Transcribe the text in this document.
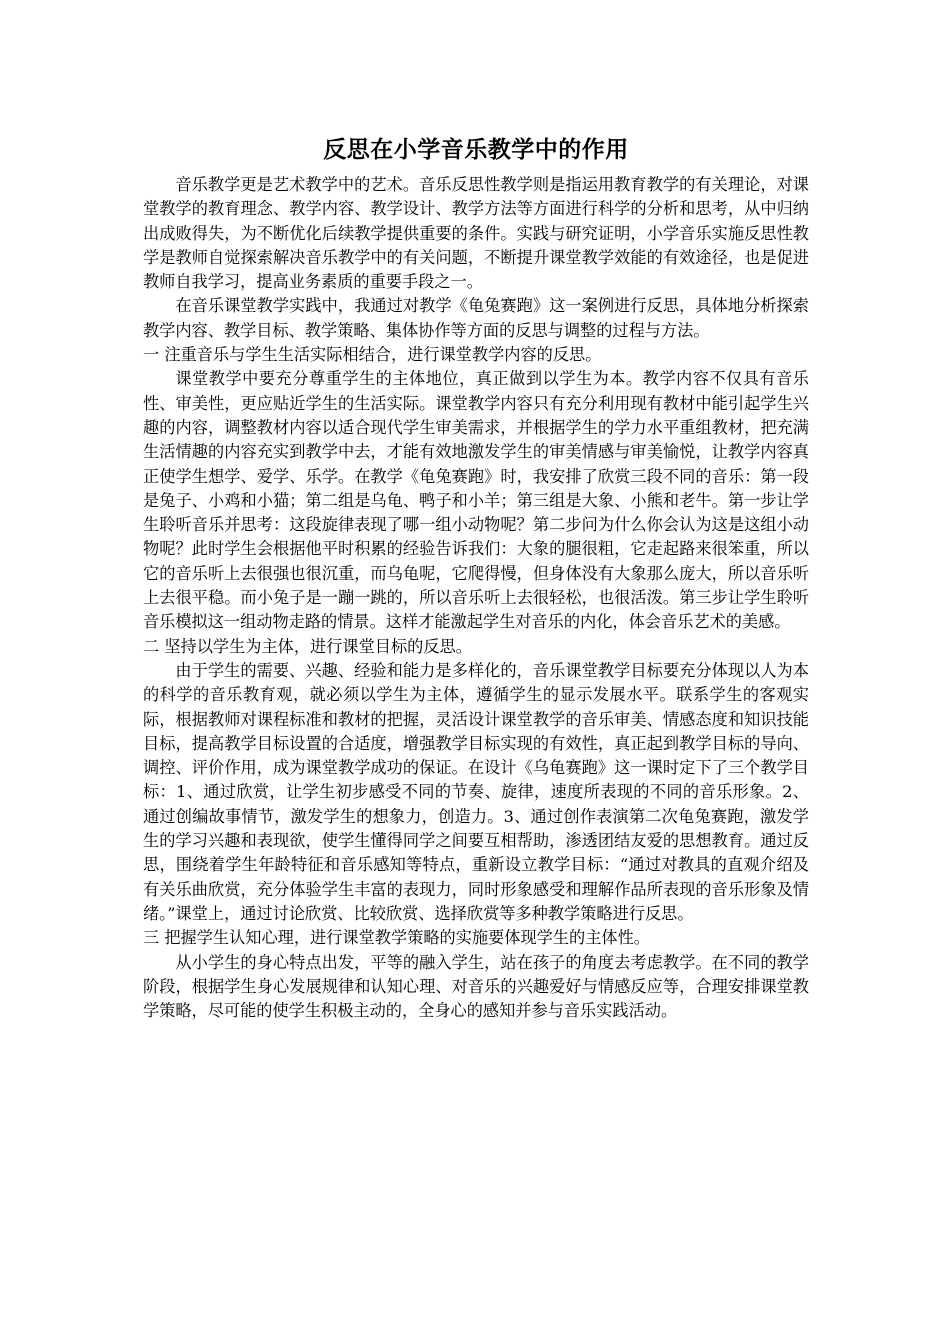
反思在小学音乐教学中的作用

音乐教学更是艺术教学中的艺术。音乐反思性教学则是指运用教育教学的有关理论，对课堂教学的教育理念、教学内容、教学设计、教学方法等方面进行科学的分析和思考，从中归纳出成败得失，为不断优化后续教学提供重要的条件。实践与研究证明，小学音乐实施反思性教学是教师自觉探索解决音乐教学中的有关问题，不断提升课堂教学效能的有效途径，也是促进教师自我学习，提高业务素质的重要手段之一。

在音乐课堂教学实践中，我通过对教学《龟兔赛跑》这一案例进行反思，具体地分析探索教学内容、教学目标、教学策略、集体协作等方面的反思与调整的过程与方法。

一 注重音乐与学生生活实际相结合，进行课堂教学内容的反思。

课堂教学中要充分尊重学生的主体地位，真正做到以学生为本。教学内容不仅具有音乐性、审美性，更应贴近学生的生活实际。课堂教学内容只有充分利用现有教材中能引起学生兴趣的内容，调整教材内容以适合现代学生审美需求，并根据学生的学力水平重组教材，把充满生活情趣的内容充实到教学中去，才能有效地激发学生的审美情感与审美愉悦，让教学内容真正使学生想学、爱学、乐学。在教学《龟兔赛跑》时，我安排了欣赏三段不同的音乐：第一段是兔子、小鸡和小猫；第二组是乌龟、鸭子和小羊；第三组是大象、小熊和老牛。第一步让学生聆听音乐并思考：这段旋律表现了哪一组小动物呢？第二步问为什么你会认为这是这组小动物呢？此时学生会根据他平时积累的经验告诉我们：大象的腿很粗，它走起路来很笨重，所以它的音乐听上去很强也很沉重，而乌龟呢，它爬得慢，但身体没有大象那么庞大，所以音乐听上去很平稳。而小兔子是一蹦一跳的，所以音乐听上去很轻松，也很活泼。第三步让学生聆听音乐模拟这一组动物走路的情景。这样才能激起学生对音乐的内化，体会音乐艺术的美感。

二 坚持以学生为主体，进行课堂目标的反思。

由于学生的需要、兴趣、经验和能力是多样化的，音乐课堂教学目标要充分体现以人为本的科学的音乐教育观，就必须以学生为主体，遵循学生的显示发展水平。联系学生的客观实际，根据教师对课程标准和教材的把握，灵活设计课堂教学的音乐审美、情感态度和知识技能目标，提高教学目标设置的合适度，增强教学目标实现的有效性，真正起到教学目标的导向、调控、评价作用，成为课堂教学成功的保证。在设计《乌龟赛跑》这一课时定下了三个教学目标：1、通过欣赏，让学生初步感受不同的节奏、旋律，速度所表现的不同的音乐形象。2、通过创编故事情节，激发学生的想象力，创造力。3、通过创作表演第二次龟兔赛跑，激发学生的学习兴趣和表现欲，使学生懂得同学之间要互相帮助，渗透团结友爱的思想教育。通过反思，围绕着学生年龄特征和音乐感知等特点，重新设立教学目标：“通过对教具的直观介绍及有关乐曲欣赏，充分体验学生丰富的表现力，同时形象感受和理解作品所表现的音乐形象及情绪。”课堂上，通过讨论欣赏、比较欣赏、选择欣赏等多种教学策略进行反思。

三 把握学生认知心理，进行课堂教学策略的实施要体现学生的主体性。

从小学生的身心特点出发，平等的融入学生，站在孩子的角度去考虑教学。在不同的教学阶段，根据学生身心发展规律和认知心理、对音乐的兴趣爱好与情感反应等，合理安排课堂教学策略，尽可能的使学生积极主动的，全身心的感知并参与音乐实践活动。
